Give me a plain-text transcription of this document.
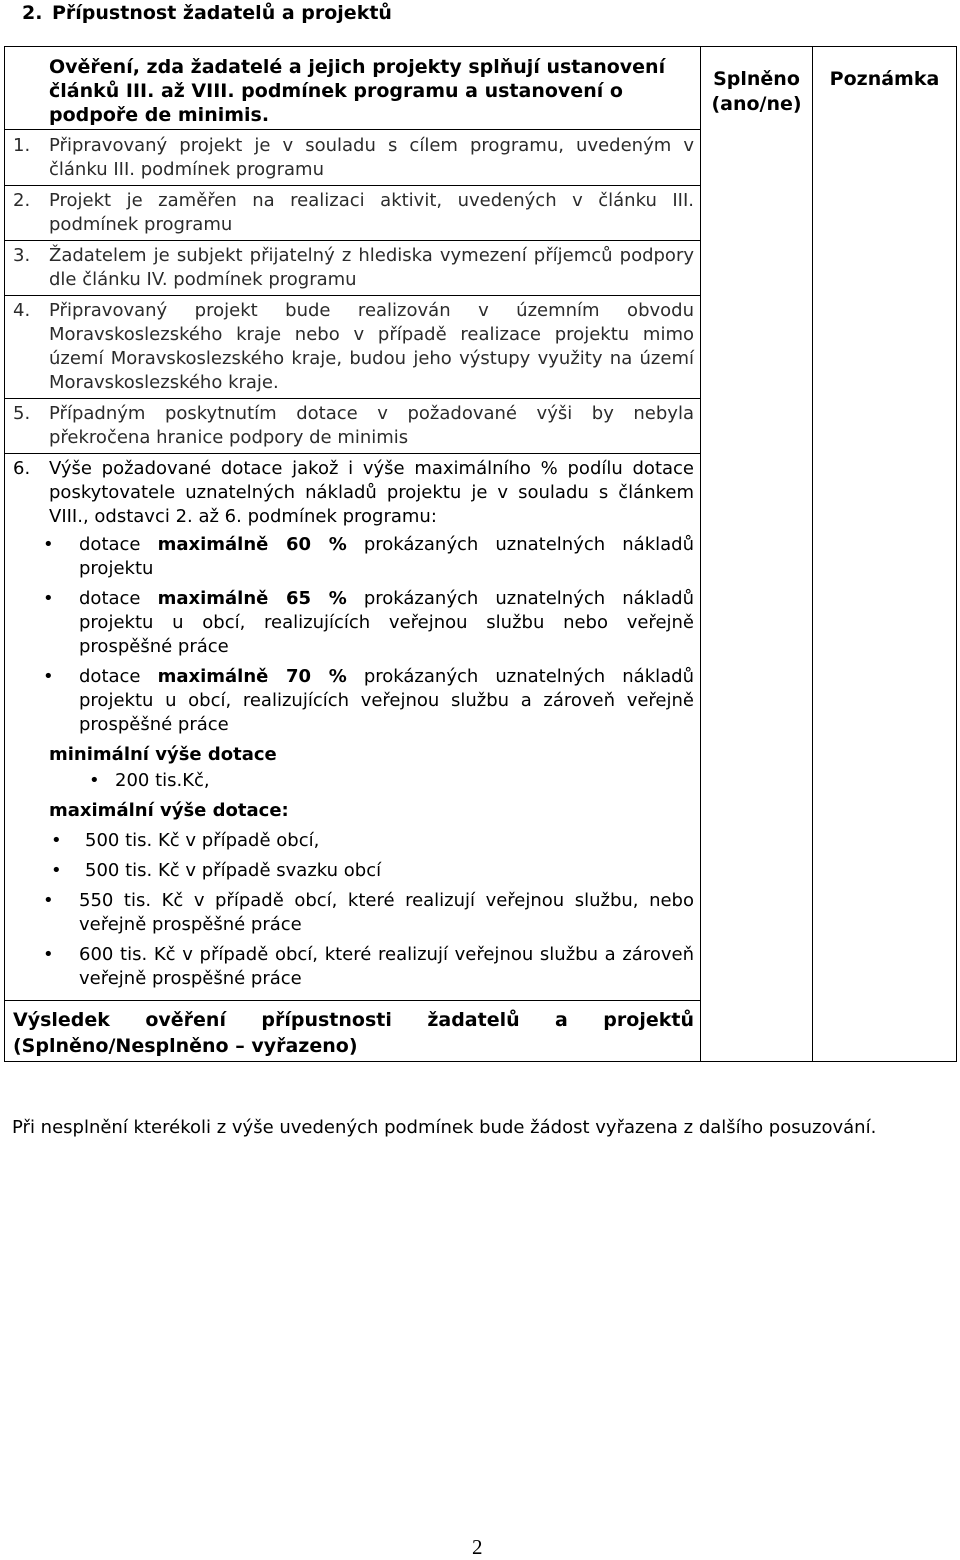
2. Přípustnost žadatelů a projektů
Ověření, zda žadatelé a jejich projekty splňují ustanovení článků III. až VIII. podmínek programu a ustanovení o podpoře de minimis.	Splněno (ano/ne)	Poznámka

1. Připravovaný projekt je v souladu s cílem programu, uvedeným v článku III. podmínek programu

2. Projekt je zaměřen na realizaci aktivit, uvedených v článku III. podmínek programu

3. Žadatelem je subjekt přijatelný z hlediska vymezení příjemců podpory dle článku IV. podmínek programu

4. Připravovaný projekt bude realizován v územním obvodu Moravskoslezského kraje nebo v případě realizace projektu mimo území Moravskoslezského kraje, budou jeho výstupy využity na území Moravskoslezského kraje.

5. Případným poskytnutím dotace v požadované výši by nebyla překročena hranice podpory de minimis

6. Výše požadované dotace jakož i výše maximálního % podílu dotace poskytovatele uznatelných nákladů projektu je v souladu s článkem VIII., odstavci 2. až 6. podmínek programu:

• dotace maximálně 60 % prokázaných uznatelných nákladů projektu
• dotace maximálně 65 % prokázaných uznatelných nákladů projektu u obcí, realizujících veřejnou službu nebo veřejně prospěšné práce
• dotace maximálně 70 % prokázaných uznatelných nákladů projektu u obcí, realizujících veřejnou službu a zároveň veřejně prospěšné práce
minimální výše dotace
• 200 tis.Kč,
maximální výše dotace:
• 500 tis. Kč v případě obcí,
• 500 tis. Kč v případě svazku obcí
• 550 tis. Kč v případě obcí, které realizují veřejnou službu, nebo veřejně prospěšné práce
• 600 tis. Kč v případě obcí, které realizují veřejnou službu a zároveň veřejně prospěšné práce

Výsledek ověření přípustnosti žadatelů a projektů
(Splněno/Nesplněno – vyřazeno)
Při nesplnění kterékoli z výše uvedených podmínek bude žádost vyřazena z dalšího posuzování.
2
